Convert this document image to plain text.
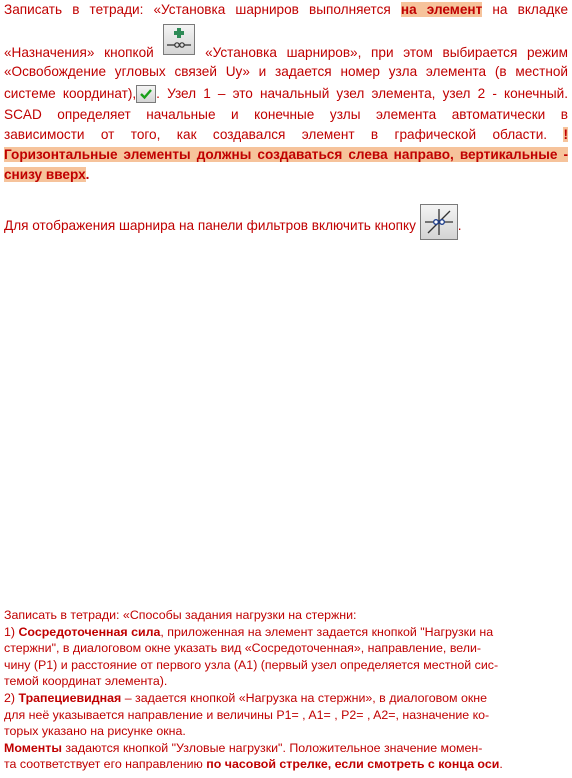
Записать в тетради: «Установка шарниров выполняется на элемент на вкладке
«Назначения» кнопкой	«Установка шарниров», при этом выбирается режим
«Освобождение угловых связей Uy» и задается номер узла элемента (в местной
системе координат), . Узел 1 – это начальный узел элемента, узел 2 - конечный.
SCAD определяет начальные и конечные узлы элемента автоматически в
зависимости от того, как создавался элемент в графической области. !
Горизонтальные элементы должны создаваться слева направо, вертикальные -
снизу вверх.
Для отображения шарнира на панели фильтров включить кнопку	.
Записать в тетради: «Способы задания нагрузки на стержни:
1) Сосредоточенная сила, приложенная на элемент задается кнопкой "Нагрузки на
стержни", в диалоговом окне указать вид «Сосредоточенная», направление, вели-
чину (P1) и расстояние от первого узла (A1) (первый узел определяется местной сис-
темой координат элемента).
2) Трапециевидная – задается кнопкой «Нагрузка на стержни», в диалоговом окне
для неё указывается направление и величины P1= , A1= , P2= , A2=, назначение ко-
торых указано на рисунке окна.
Моменты задаются кнопкой "Узловые нагрузки". Положительное значение момен-
та соответствует его направлению по часовой стрелке, если смотреть с конца оси.
